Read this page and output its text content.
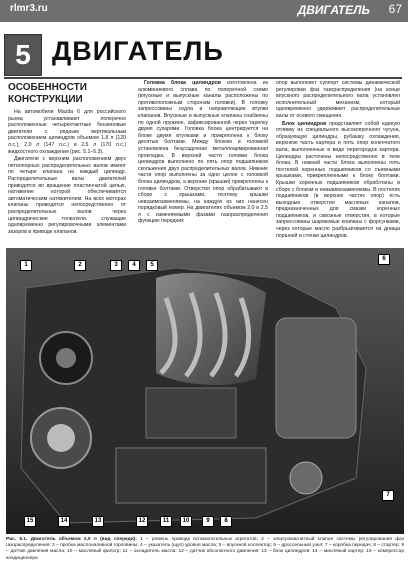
rlmr3.ru	ДВИГАТЕЛЬ 67
5 ДВИГАТЕЛЬ
ОСОБЕННОСТИ КОНСТРУКЦИИ

На автомобили Mazda 6 для российского рынка устанавливают поперечно расположенные четырехтактные бензиновые двигатели с рядным вертикальным расположением цилиндров объемом 1,8 л (120 л.с.), 2,0 л (147 л.с.) и 2,5 л (170 л.с.) жидкостного охлаждения (рис. 5.1–5.3).

Двигатели с верхним расположением двух пятиопорных распределительных валов имеют по четыре клапана на каждый цилиндр. Распределительные валы двигателей приводятся во вращение пластинчатой цепью, натяжение которой обеспечивается автоматическим натяжителем. На всех моторах клапаны приводятся непосредственно от распределительных валов через цилиндрические толкатели, служащие одновременно регулировочными элементами зазоров в приводе клапанов.

Головка блока цилиндров изготовлена из алюминиевого сплава по поперечной схеме (впускные и выпускные каналы расположены по противоположным сторонам головки). В головку запрессованы седла и направляющие втулки клапанов. Впускные и выпускные клапаны снабжены по одной пружине, зафиксированной через тарелку двумя сухарями. Головка блока центрируется на блоке двумя втулками и прикреплена к блоку десятью болтами. Между блоком и головкой установлена безусадочная металлоармированная прокладка. В верхней части головки блока цилиндров выполнено по пять опор подшипников скольжения двух распределительных валов. Нижние части опор выполнены за одно целое с головкой блока цилиндров, а верхние (крышки) прикреплены к головке болтами. Отверстия опор обрабатывают в сборе с крышками, поэтому крышки невзаимозаменяемы, на каждую из них нанесен порядковый номер. На двигателях объемом 2,0 и 2,5 л с изменяемыми фазами газораспределения функцию передних

опор выполняет суппорт системы динамической регулировки фаз газораспределения (на конце впускного распределительного вала установлен исполнительный механизм, который одновременно удерживает распределительные валы от осевого смещения.

Блок цилиндров представляет собой единую отливку из специального высокопрочного чугуна, образующую цилиндры, рубашку охлаждения, верхнюю часть картера и пять опор коленчатого вала, выполненных в виде перегородок картера. Цилиндры расточены непосредственно в теле блока. В нижней части блока выполнены пять постелей коренных подшипников со съемными крышками, прикрепленными к блоку болтами. Крышки коренных подшипников обработаны в сборе с блоком и невзаимозаменяемы. В постелях подшипников (в верхних частях опор) есть выходные отверстия масляных каналов, предназначенных для смазки коренных подшипников, и сквозные отверстия, в которые запрессованы шариковые клапаны с форсунками, через которые масло разбрызгивается на днища поршней и стенки цилиндров.

1	2	3	4	5
6
7
8
9
10
11
12
13
14
15
Рис. 5.1. Двигатель объемом 2,0 л (вид спереди): 1 – ремень привода вспомогательных агрегатов; 2 – электромагнитный клапан системы регулирования фаз газораспределения; 3 – пробка маслоналивной горловины; 4 – указатель (щуп) уровня масла; 5 – впускной коллектор; 6 – дроссельный узел; 7 – коробка передач; 8 – стартер; 9 – датчик давления масла; 10 – масляный фильтр; 11 – охладитель масла; 12 – датчик абсолютного давления; 13 – блок цилиндров; 14 – масляный картер; 15 – компрессор кондиционера
